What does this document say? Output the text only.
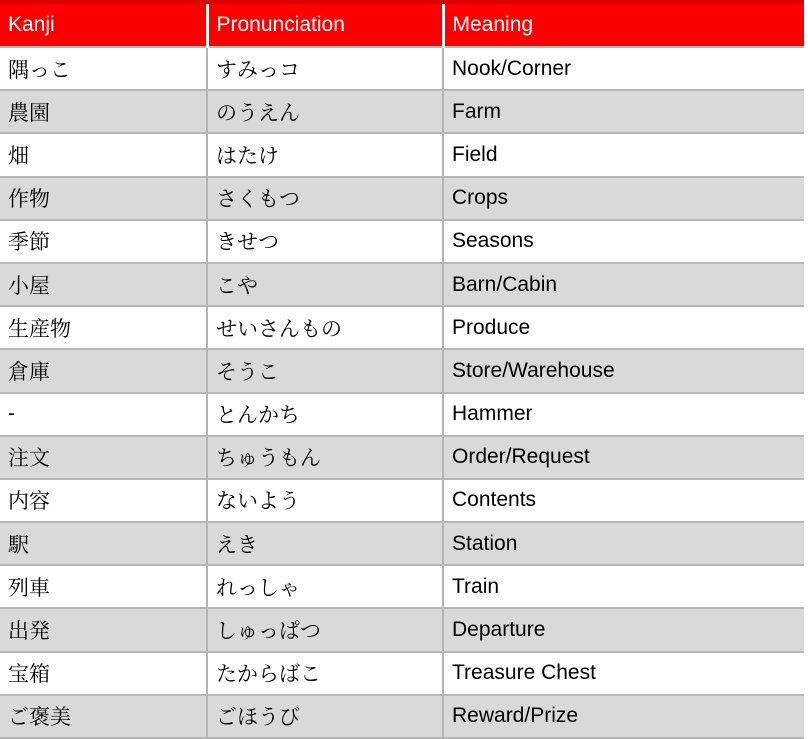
Kanji	Pronunciation	Meaning
隅っこ	すみっコ	Nook/Corner
農園	のうえん	Farm
畑	はたけ	Field
作物	さくもつ	Crops
季節	きせつ	Seasons
小屋	こや	Barn/Cabin
生産物	せいさんもの	Produce
倉庫	そうこ	Store/Warehouse
-	とんかち	Hammer
注文	ちゅうもん	Order/Request
内容	ないよう	Contents
駅	えき	Station
列車	れっしゃ	Train
出発	しゅっぱつ	Departure
宝箱	たからばこ	Treasure Chest
ご褒美	ごほうび	Reward/Prize
